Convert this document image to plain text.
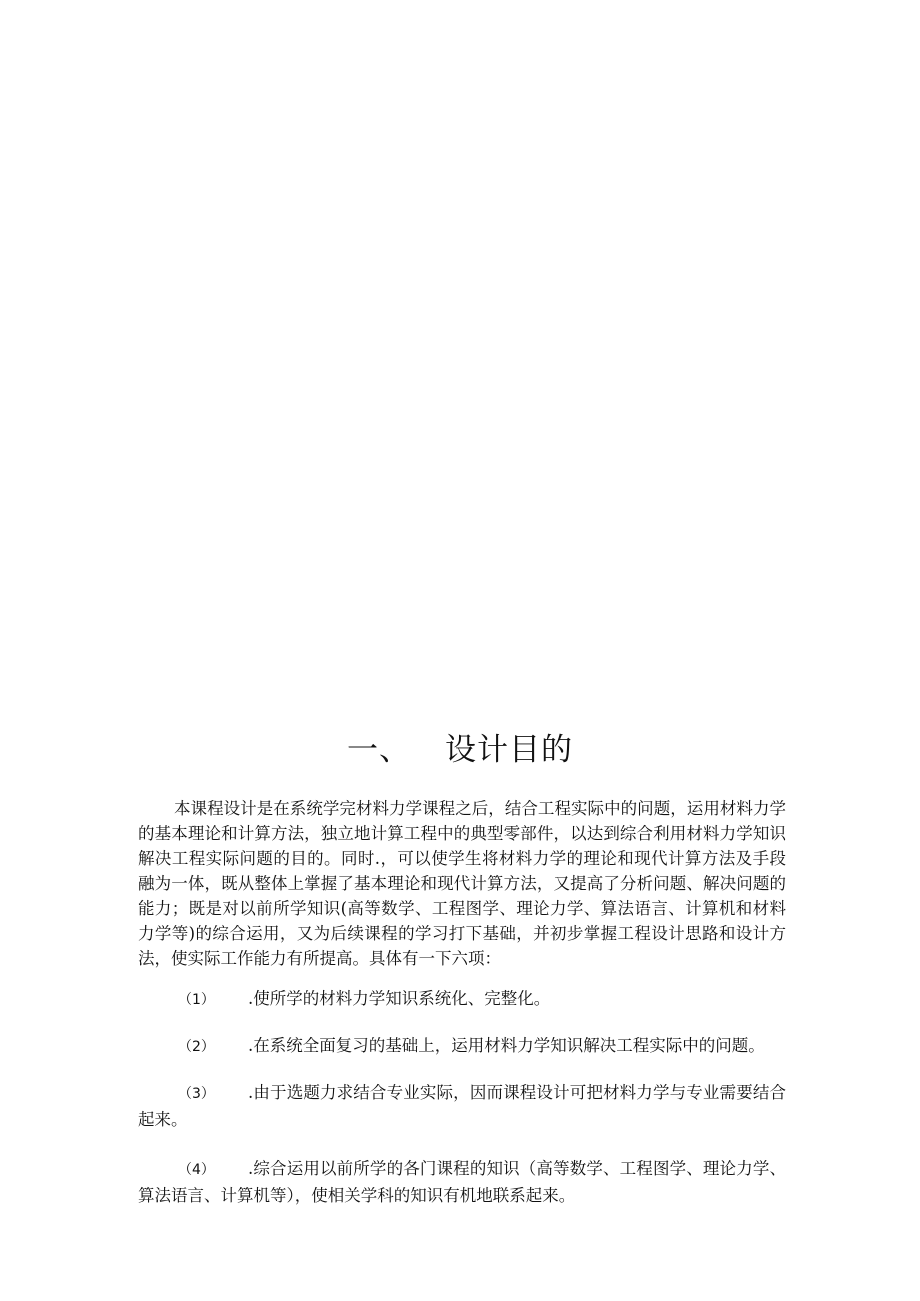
一、 设计目的

本课程设计是在系统学完材料力学课程之后，结合工程实际中的问题，运用材料力学的基本理论和计算方法，独立地计算工程中的典型零部件，以达到综合利用材料力学知识解决工程实际问题的目的。同时.，可以使学生将材料力学的理论和现代计算方法及手段融为一体，既从整体上掌握了基本理论和现代计算方法，又提高了分析问题、解决问题的能力；既是对以前所学知识(高等数学、工程图学、理论力学、算法语言、计算机和材料力学等)的综合运用，又为后续课程的学习打下基础，并初步掌握工程设计思路和设计方法，使实际工作能力有所提高。具体有一下六项：

（1） .使所学的材料力学知识系统化、完整化。

（2） .在系统全面复习的基础上，运用材料力学知识解决工程实际中的问题。

（3） .由于选题力求结合专业实际，因而课程设计可把材料力学与专业需要结合起来。

（4） .综合运用以前所学的各门课程的知识（高等数学、工程图学、理论力学、算法语言、计算机等），使相关学科的知识有机地联系起来。
